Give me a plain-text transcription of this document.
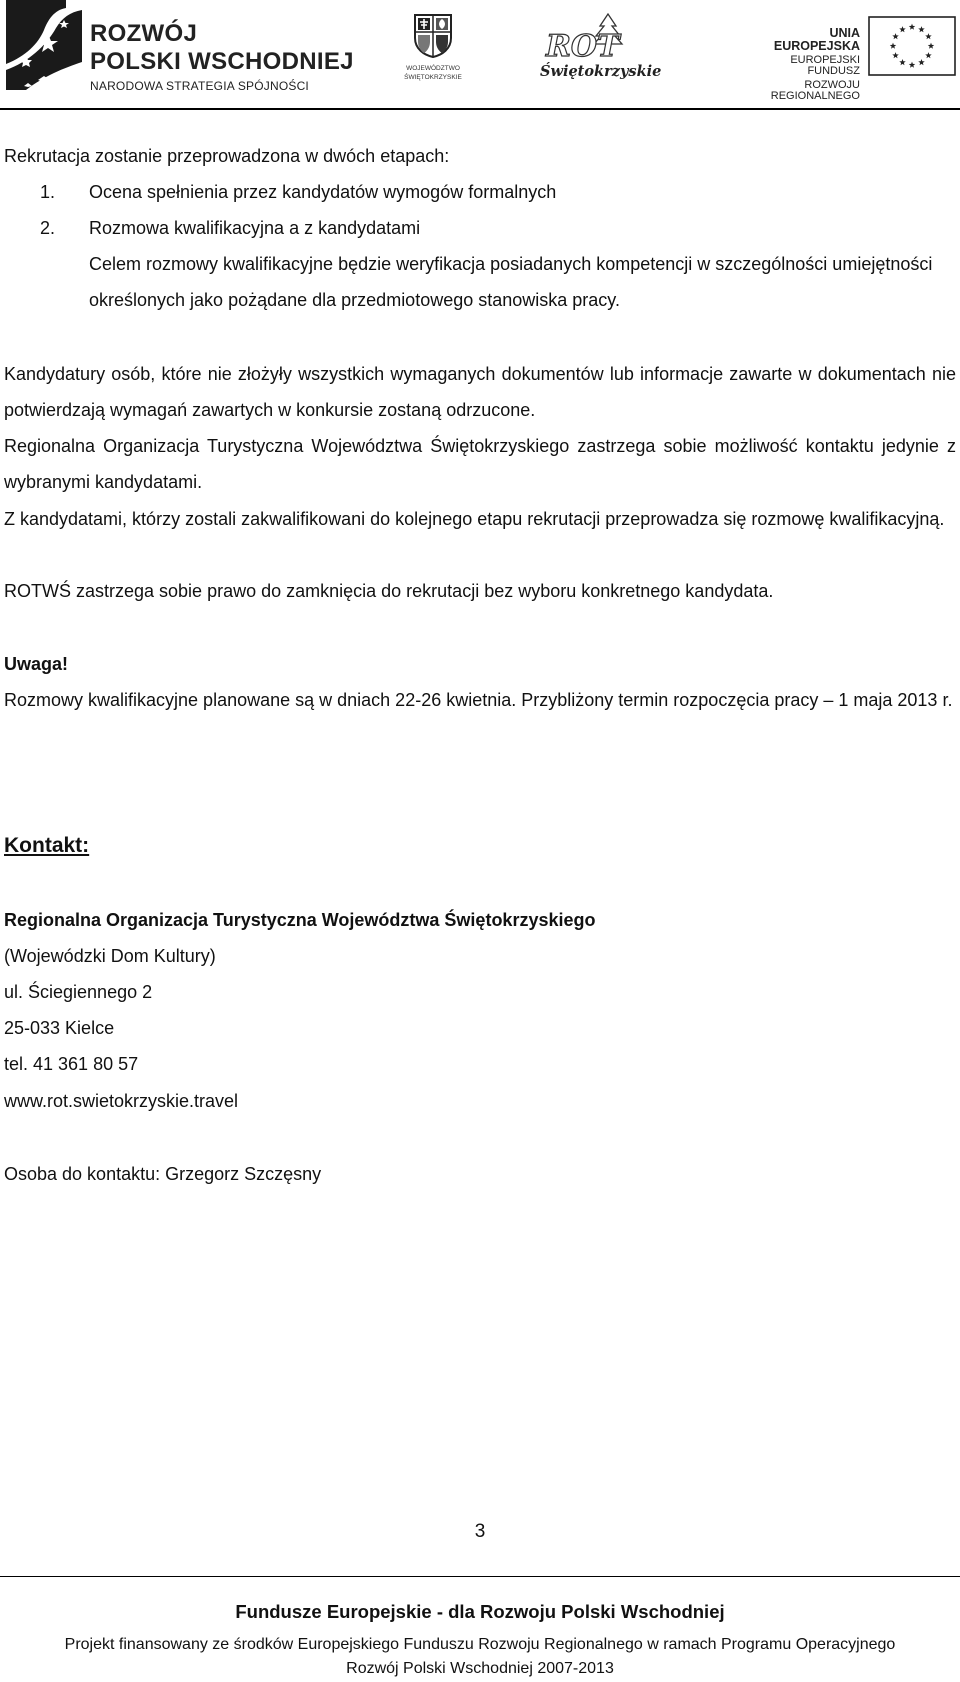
ROZWÓJ
POLSKI WSCHODNIEJ
NARODOWA STRATEGIA SPÓJNOŚCI
WOJEWÓDZTWO
ŚWIĘTOKRZYSKIE
ROT
Świętokrzyskie
UNIA EUROPEJSKA
EUROPEJSKI FUNDUSZ
ROZWOJU REGIONALNEGO
Rekrutacja zostanie przeprowadzona w dwóch etapach:
1. Ocena spełnienia przez kandydatów wymogów formalnych
2. Rozmowa kwalifikacyjna a z kandydatami
Celem rozmowy kwalifikacyjne będzie weryfikacja posiadanych kompetencji w szczególności umiejętności określonych jako pożądane dla przedmiotowego stanowiska pracy.
Kandydatury osób, które nie złożyły wszystkich wymaganych dokumentów lub informacje zawarte w dokumentach nie potwierdzają wymagań zawartych w konkursie zostaną odrzucone.
Regionalna Organizacja Turystyczna Województwa Świętokrzyskiego zastrzega sobie możliwość kontaktu jedynie z wybranymi kandydatami.
Z kandydatami, którzy zostali zakwalifikowani do kolejnego etapu rekrutacji przeprowadza się rozmowę kwalifikacyjną.
ROTWŚ zastrzega sobie prawo do zamknięcia do rekrutacji bez wyboru konkretnego kandydata.
Uwaga!
Rozmowy kwalifikacyjne planowane są w dniach 22-26 kwietnia. Przybliżony termin rozpoczęcia pracy – 1 maja 2013 r.
Kontakt:
Regionalna Organizacja Turystyczna Województwa Świętokrzyskiego
(Wojewódzki Dom Kultury)
ul. Ściegiennego 2
25-033 Kielce
tel. 41 361 80 57
www.rot.swietokrzyskie.travel
Osoba do kontaktu: Grzegorz Szczęsny
3
Fundusze Europejskie - dla Rozwoju Polski Wschodniej
Projekt finansowany ze środków Europejskiego Funduszu Rozwoju Regionalnego w ramach Programu Operacyjnego Rozwój Polski Wschodniej 2007-2013
